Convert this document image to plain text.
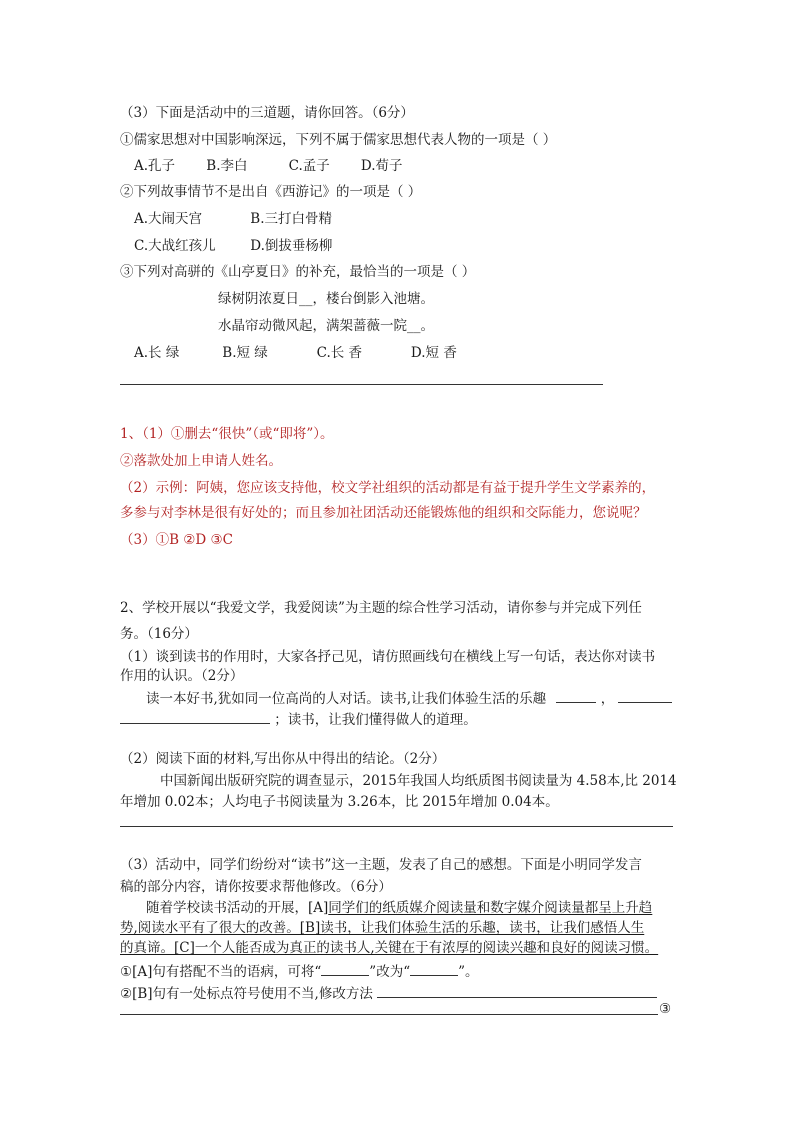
（3）下面是活动中的三道题，请你回答。（6分）
①儒家思想对中国影响深远，下列不属于儒家思想代表人物的一项是（ ）
A.孔子 B.李白	C.孟子 D.荀子
②下列故事情节不是出自《西游记》的一项是（ ）
A.大闹天宫	B.三打白骨精
C.大战红孩儿	D.倒拔垂杨柳
③下列对高骈的《山亭夏日》的补充，最恰当的一项是（ ）
绿树阴浓夏日__，楼台倒影入池塘。
水晶帘动微风起，满架蔷薇一院__。
A.长 绿	B.短 绿	C.长 香	D.短 香
1、（1）①删去“很快”（或“即将”）。
②落款处加上申请人姓名。
（2）示例：阿姨，您应该支持他，校文学社组织的活动都是有益于提升学生文学素养的，
多参与对李林是很有好处的；而且参加社团活动还能锻炼他的组织和交际能力，您说呢？
（3）①B ②D ③C
2、学校开展以“我爱文学，我爱阅读”为主题的综合性学习活动，请你参与并完成下列任
务。（16分）
（1）谈到读书的作用时，大家各抒己见，请仿照画线句在横线上写一句话，表达你对读书
作用的认识。（2分）
读一本好书,犹如同一位高尚的人对话。读书,让我们体验生活的乐趣	，
；读书，让我们懂得做人的道理。
（2）阅读下面的材料,写出你从中得出的结论。（2分）
中国新闻出版研究院的调查显示，2015年我国人均纸质图书阅读量为 4.58本,比 2014
年增加 0.02本；人均电子书阅读量为 3.26本，比 2015年增加 0.04本。
（3）活动中，同学们纷纷对“读书”这一主题，发表了自己的感想。下面是小明同学发言
稿的部分内容，请你按要求帮他修改。（6分）
随着学校读书活动的开展，[A]同学们的纸质媒介阅读量和数字媒介阅读量都呈上升趋
势,阅读水平有了很大的改善。[B]读书，让我们体验生活的乐趣，读书，让我们感悟人生
的真谛。[C]一个人能否成为真正的读书人,关键在于有浓厚的阅读兴趣和良好的阅读习惯。
①[A]句有搭配不当的语病，可将“	”改为“	”。
②[B]句有一处标点符号使用不当,修改方法
③
